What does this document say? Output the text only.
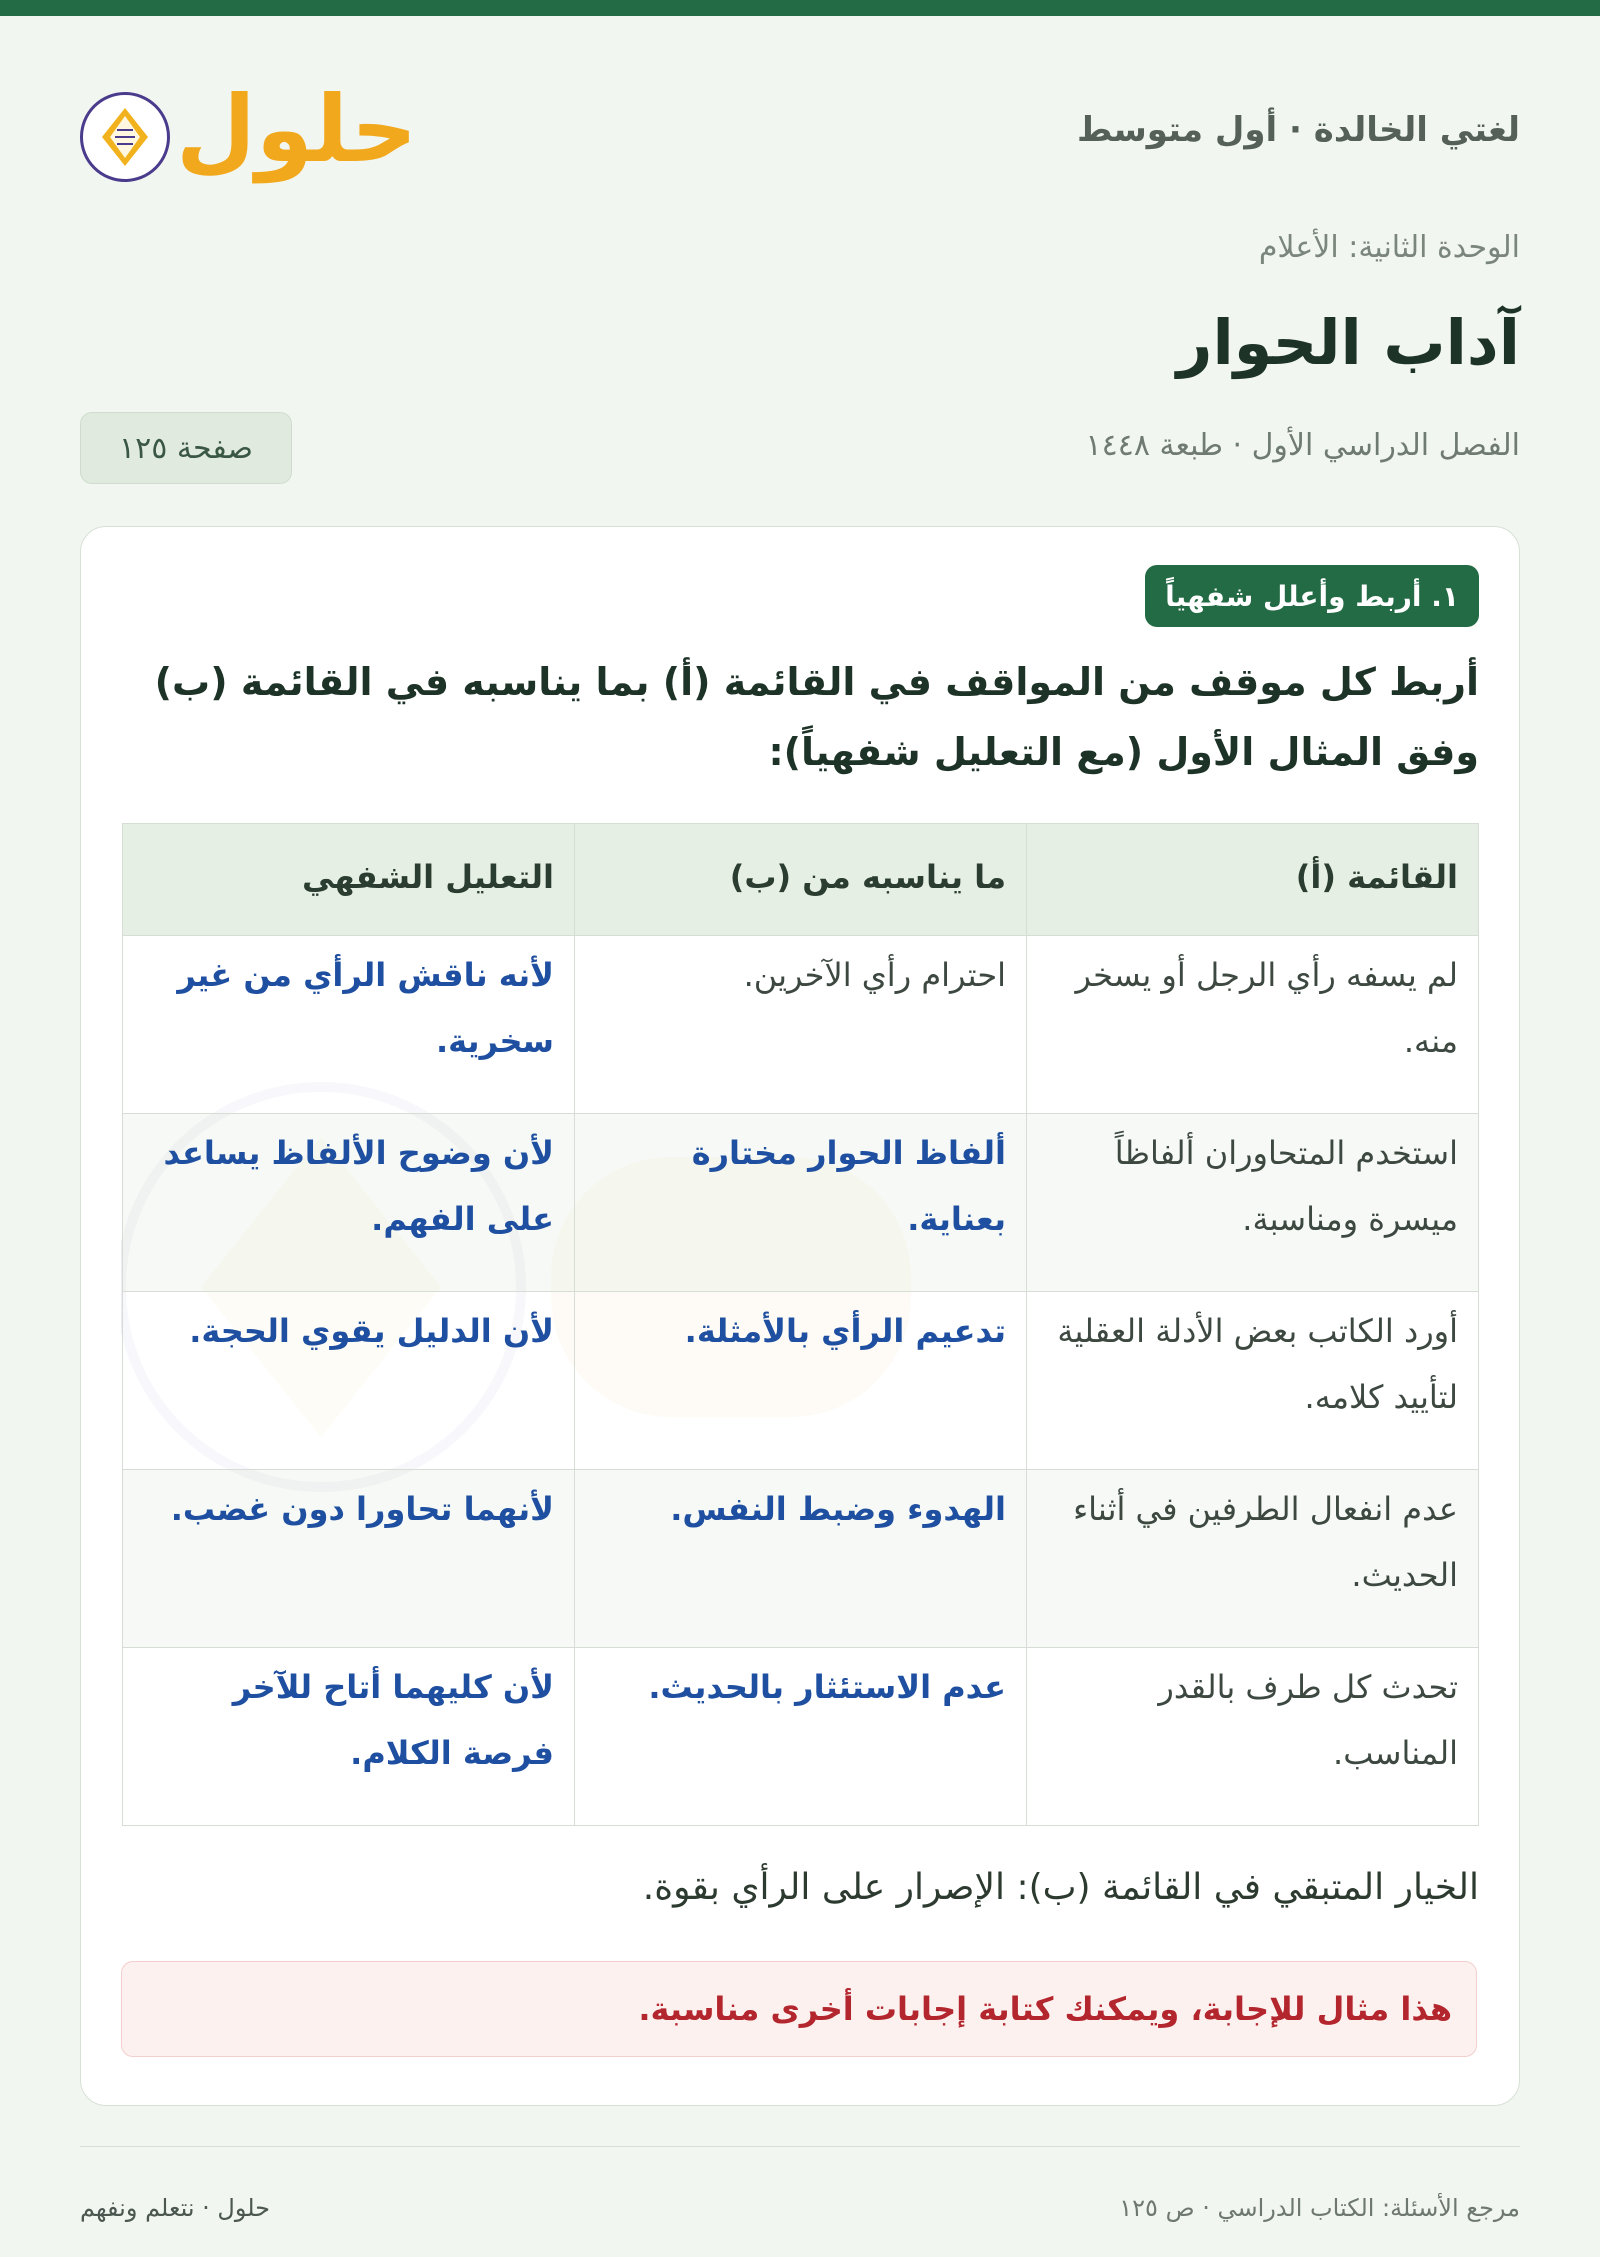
لغتي الخالدة · أول متوسط
حلول
الوحدة الثانية: الأعلام
آداب الحوار
الفصل الدراسي الأول · طبعة ١٤٤٨
صفحة ١٢٥
١. أربط وأعلل شفهياً
أربط كل موقف من المواقف في القائمة (أ) بما يناسبه في القائمة (ب) وفق المثال الأول (مع التعليل شفهياً):
القائمة (أ)	ما يناسبه من (ب)	التعليل الشفهي
لم يسفه رأي الرجل أو يسخر منه.	احترام رأي الآخرين.	لأنه ناقش الرأي من غير سخرية.
استخدم المتحاوران ألفاظاً ميسرة ومناسبة.	ألفاظ الحوار مختارة بعناية.	لأن وضوح الألفاظ يساعد على الفهم.
أورد الكاتب بعض الأدلة العقلية لتأييد كلامه.	تدعيم الرأي بالأمثلة.	لأن الدليل يقوي الحجة.
عدم انفعال الطرفين في أثناء الحديث.	الهدوء وضبط النفس.	لأنهما تحاورا دون غضب.
تحدث كل طرف بالقدر المناسب.	عدم الاستئثار بالحديث.	لأن كليهما أتاح للآخر فرصة الكلام.
الخيار المتبقي في القائمة (ب): الإصرار على الرأي بقوة.
هذا مثال للإجابة، ويمكنك كتابة إجابات أخرى مناسبة.
مرجع الأسئلة: الكتاب الدراسي · ص ١٢٥
حلول · نتعلم ونفهم
